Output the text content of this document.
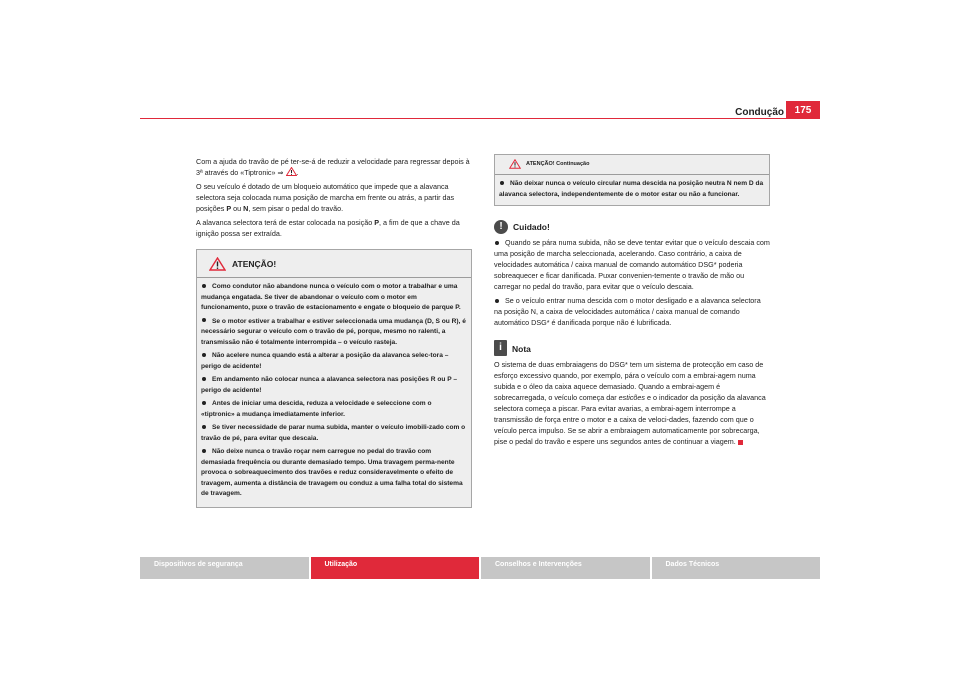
Condução	175

Com a ajuda do travão de pé ter-se-á de reduzir a velocidade para regressar depois à 3ª através do «Tiptronic» ⇒ .

O seu veículo é dotado de um bloqueio automático que impede que a alavanca selectora seja colocada numa posição de marcha em frente ou atrás, a partir das posições P ou N, sem pisar o pedal do travão.

A alavanca selectora terá de estar colocada na posição P, a fim de que a chave da ignição possa ser extraída.

ATENÇÃO!
Como condutor não abandone nunca o veículo com o motor a trabalhar e uma mudança engatada. Se tiver de abandonar o veículo com o motor em funcionamento, puxe o travão de estacionamento e engate o bloqueio de parque P.
Se o motor estiver a trabalhar e estiver seleccionada uma mudança (D, S ou R), é necessário segurar o veículo com o travão de pé, porque, mesmo no ralenti, a transmissão não é totalmente interrompida – o veículo rasteja.
Não acelere nunca quando está a alterar a posição da alavanca selec-tora – perigo de acidente!
Em andamento não colocar nunca a alavanca selectora nas posições R ou P – perigo de acidente!
Antes de iniciar uma descida, reduza a velocidade e seleccione com o «tiptronic» a mudança imediatamente inferior.
Se tiver necessidade de parar numa subida, manter o veículo imobili-zado com o travão de pé, para evitar que descaia.
Não deixe nunca o travão roçar nem carregue no pedal do travão com demasiada frequência ou durante demasiado tempo. Uma travagem perma-nente provoca o sobreaquecimento dos travões e reduz consideravelmente o efeito de travagem, aumenta a distância de travagem ou conduz a uma falha total do sistema de travagem.
ATENÇÃO! Continuação
Não deixar nunca o veículo circular numa descida na posição neutra N nem D da alavanca selectora, independentemente de o motor estar ou não a funcionar.
!	Cuidado!
Quando se pára numa subida, não se deve tentar evitar que o veículo descaia com uma posição de marcha seleccionada, acelerando. Caso contrário, a caixa de velocidades automática / caixa manual de comando automático DSG* poderia sobreaquecer e ficar danificada. Puxar convenien-temente o travão de mão ou carregar no pedal do travão, para evitar que o veículo descaia.
Se o veículo entrar numa descida com o motor desligado e a alavanca selectora na posição N, a caixa de velocidades automática / caixa manual de comando automático DSG* é danificada porque não é lubrificada.
i	Nota

O sistema de duas embraiagens do DSG* tem um sistema de protecção em caso de esforço excessivo quando, por exemplo, pára o veículo com a embrai-agem numa subida e o óleo da caixa aquece demasiado. Quando a embrai-agem é sobrecarregada, o veículo começa dar esticões e o indicador da posição da alavanca selectora começa a piscar. Para evitar avarias, a embrai-agem interrompe a transmissão de força entre o motor e a caixa de veloci-dades, fazendo com que o veículo perca impulso. Se se abrir a embraiagem automaticamente por sobrecarga, pise o pedal do travão e espere uns segundos antes de continuar a viagem.

Dispositivos de segurança	Utilização	Conselhos e Intervenções	Dados Técnicos
